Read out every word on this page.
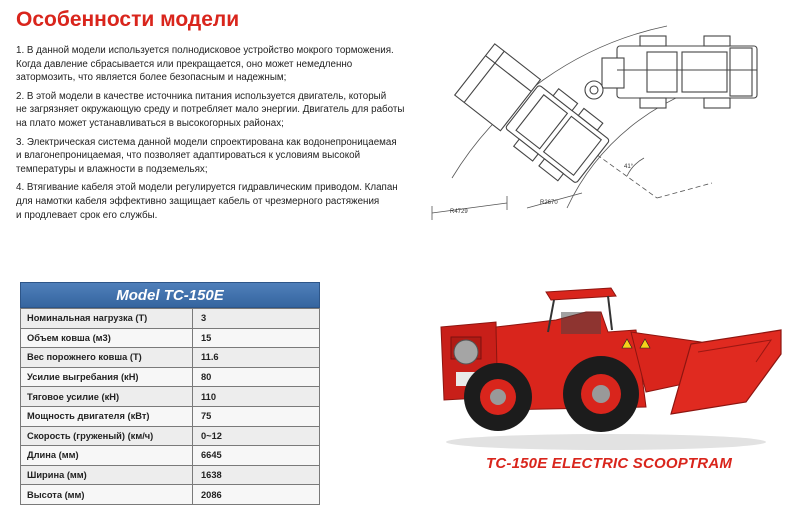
Особенности модели
1. В данной модели используется полнодисковое устройство мокрого торможения.
Когда давление сбрасывается или прекращается, оно может немедленно
затормозить, что является более безопасным и надежным;
2. В этой модели в качестве источника питания используется двигатель, который
не загрязняет окружающую среду и потребляет мало энергии. Двигатель для работы
на плато может устанавливаться в высокогорных районах;
3. Электрическая система данной модели спроектирована как водонепроницаемая
и влагонепроницаемая, что позволяет адаптироваться к условиям высокой
температуры и влажности в подземельях;
4. Втягивание кабеля этой модели регулируется гидравлическим приводом. Клапан
для намотки кабеля эффективно защищает кабель от чрезмерного растяжения
и продлевает срок его службы.
41°
R4729
R2670
Model TC-150E
Номинальная нагрузка (T)	3
Объем ковша (м3)	15
Вес порожнего ковша (T)	11.6
Усилие выгребания (кН)	80
Тяговое усилие (кН)	110
Мощность двигателя (кВт)	75
Скорость (груженый) (км/ч)	0~12
Длина (мм)	6645
Ширина (мм)	1638
Высота (мм)	2086
TC-150E ELECTRIC SCOOPTRAM
